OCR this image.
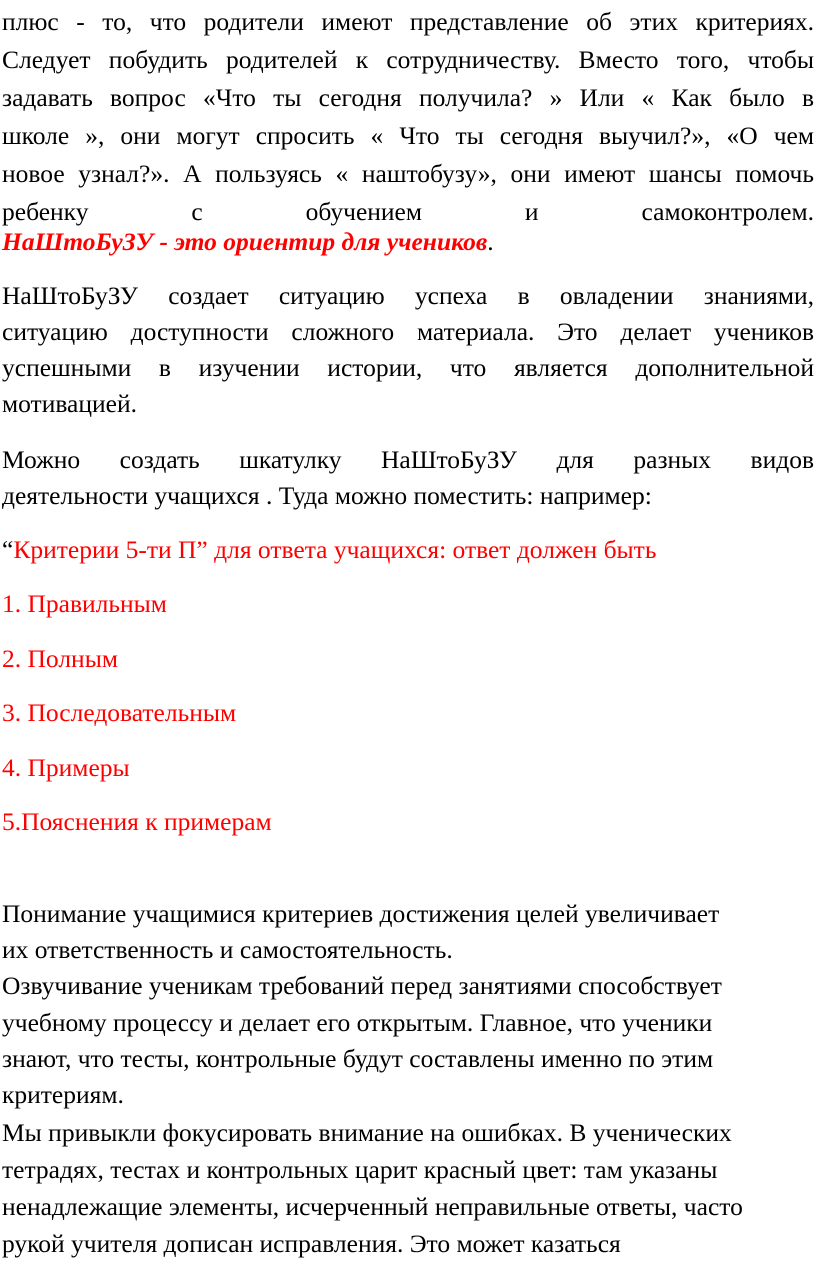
плюс - то, что родители имеют представление об этих критериях.
Следует побудить родителей к сотрудничеству. Вместо того, чтобы
задавать вопрос «Что ты сегодня получила? » Или « Как было в
школе », они могут спросить « Что ты сегодня выучил?», «О чем
новое узнал?». А пользуясь « наштобузу», они имеют шансы помочь
ребенку с обучением и самоконтролем.
НаШтоБуЗУ - это ориентир для учеников.
НаШтоБуЗУ создает ситуацию успеха в овладении знаниями,
ситуацию доступности сложного материала. Это делает учеников
успешными в изучении истории, что является дополнительной
мотивацией.
Можно создать шкатулку НаШтоБуЗУ для разных видов
деятельности учащихся . Туда можно поместить: например:
“Критерии 5-ти П” для ответа учащихся: ответ должен быть
1. Правильным
2. Полным
3. Последовательным
4. Примеры
5.Пояснения к примерам
Понимание учащимися критериев достижения целей увеличивает
их ответственность и самостоятельность.
Озвучивание ученикам требований перед занятиями способствует
учебному процессу и делает его открытым. Главное, что ученики
знают, что тесты, контрольные будут составлены именно по этим
критериям.
Мы привыкли фокусировать внимание на ошибках. В ученических
тетрадях, тестах и контрольных царит красный цвет: там указаны
ненадлежащие элементы, исчерченный неправильные ответы, часто
рукой учителя дописан исправления. Это может казаться
